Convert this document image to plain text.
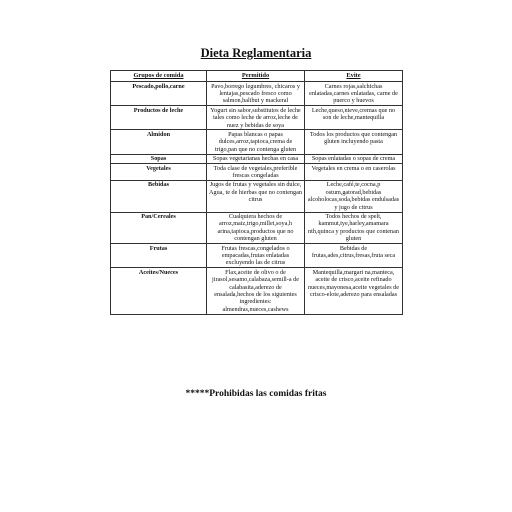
Dieta Reglamentaria
Grupos de comida	Permitido	Evite
Pescado,pollo,carne	Pavo,borrego legumbres, chicaros y lentajas,pescado fresco como salmon,halibut y mackeral	Carnes rojas,salchichas enlatadas,carnes enlatadas, carne de puerco y huevos
Productos de leche	Yogurt sin sabor,substitutos de leche tales como leche de arroz,leche de nuez y bebidas de soya	Leche,queso,nieve,cremas que no son de leche,mantequilla
Almidon	Papas blancas o papas dulces,arroz,tapioca,crema de trigo,pan que no contenga gluten	Todos los productos que contengan gluten incluyendo pasta
Sopas	Sopas vegetarianas hechas en casa	Sopas enlatadas o sopas de crema
Vegetales	Toda clase de vegetales,preferible frescas congeladas	Vegetales en crema o en caserolas
Bebidas	Jugos de frutas y vegetales sin dulce, Agua, te de hierbas que no contengan citrus	Leche,café,te,cocna,p ostum,gatorad,bebidas alcoholocas,soda,bebidas endulsadas y jugo de citrus
Pan/Cereales	Cualquiera hechos de arroz,maiz,trigo,millet,soya,h arina,tapioca,productos que no contengan gluten	Todos hechos de spelt, kammut,tye,harley,amamara nth,quinca y productos que contenan gluten
Frutas	Frutas frescas,congelados o empacadas,frutas enlatadas excluyendo las de citrus	Bebidas de frutas,ades,citrus,fresas,fruta seca
Aceites/Nueces	Flax,aceite de olivo o de jirasol,sesamo,calabaza,semill-a de calabasita,aderezo de ensalada,hechos de los siguientes ingredientes: almendras,nueces,cashews	Mantequilla,margari na,manteca, aceite de crisco,aceite refinado nueces,mayonesa,aceite vegetales de crisco-elote,aderezo para ensaladas
*****Prohibidas las comidas fritas
